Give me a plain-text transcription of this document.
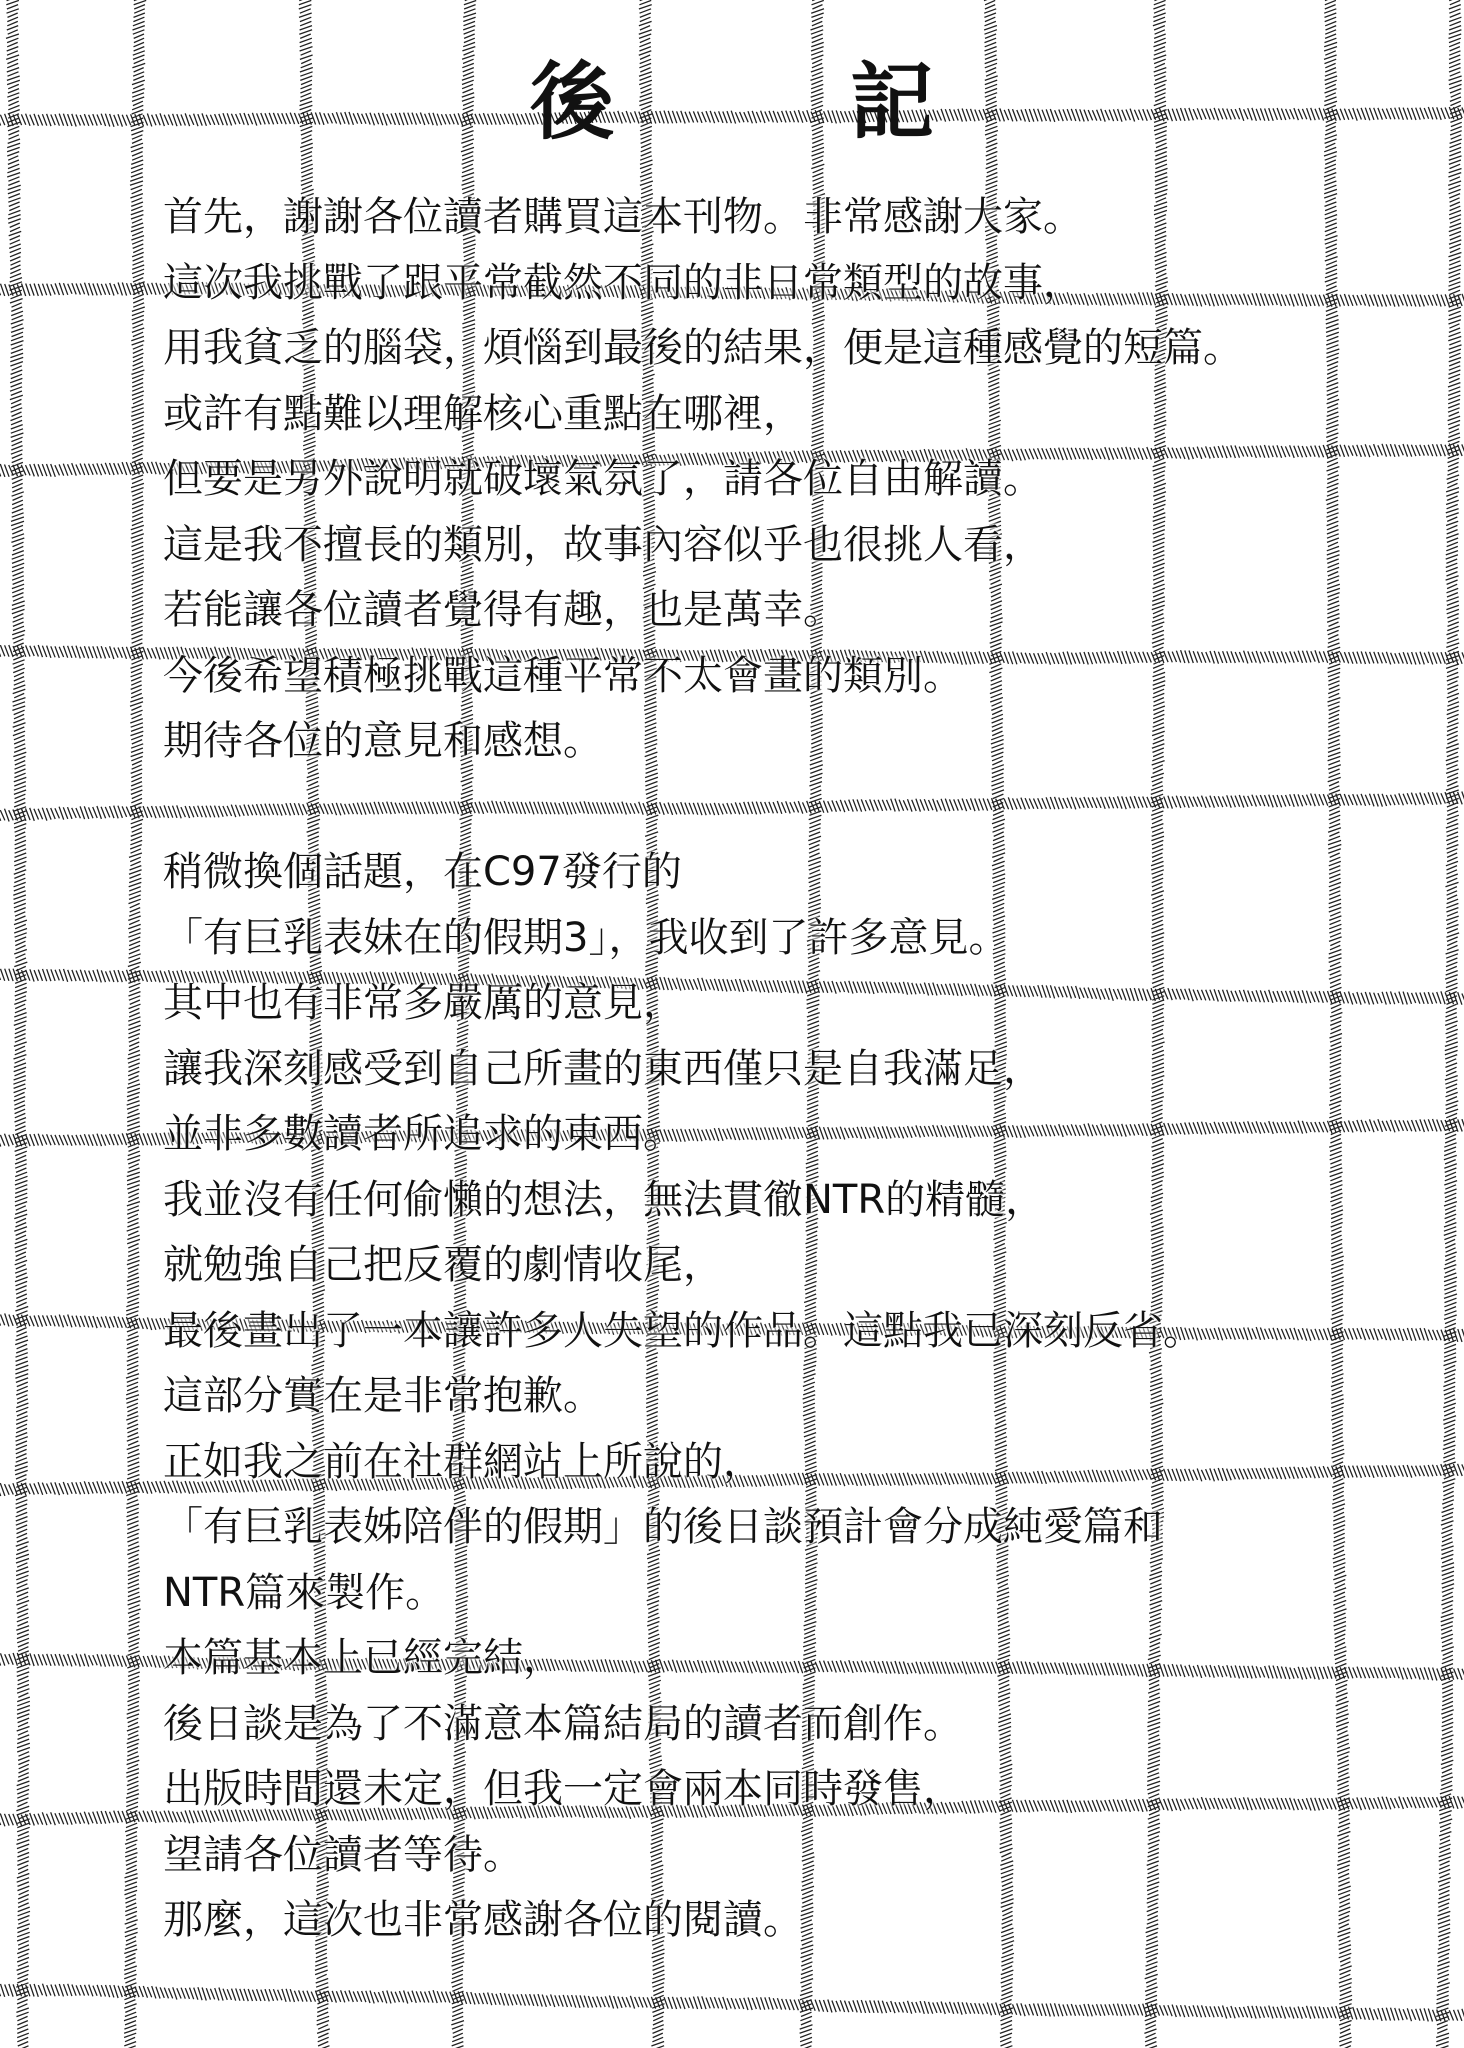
後　記
首先，謝謝各位讀者購買這本刊物。非常感謝大家。
這次我挑戰了跟平常截然不同的非日常類型的故事，
用我貧乏的腦袋，煩惱到最後的結果，便是這種感覺的短篇。
或許有點難以理解核心重點在哪裡，
但要是另外說明就破壞氣氛了，請各位自由解讀。
這是我不擅長的類別，故事內容似乎也很挑人看，
若能讓各位讀者覺得有趣，也是萬幸。
今後希望積極挑戰這種平常不太會畫的類別。
期待各位的意見和感想。
稍微換個話題，在C97發行的
「有巨乳表妹在的假期3」，我收到了許多意見。
其中也有非常多嚴厲的意見，
讓我深刻感受到自己所畫的東西僅只是自我滿足，
並非多數讀者所追求的東西。
我並沒有任何偷懶的想法，無法貫徹NTR的精髓，
就勉強自己把反覆的劇情收尾，
最後畫出了一本讓許多人失望的作品。這點我已深刻反省。
這部分實在是非常抱歉。
正如我之前在社群網站上所說的，
「有巨乳表姊陪伴的假期」的後日談預計會分成純愛篇和
NTR篇來製作。
本篇基本上已經完結，
後日談是為了不滿意本篇結局的讀者而創作。
出版時間還未定，但我一定會兩本同時發售，
望請各位讀者等待。
那麼，這次也非常感謝各位的閱讀。
